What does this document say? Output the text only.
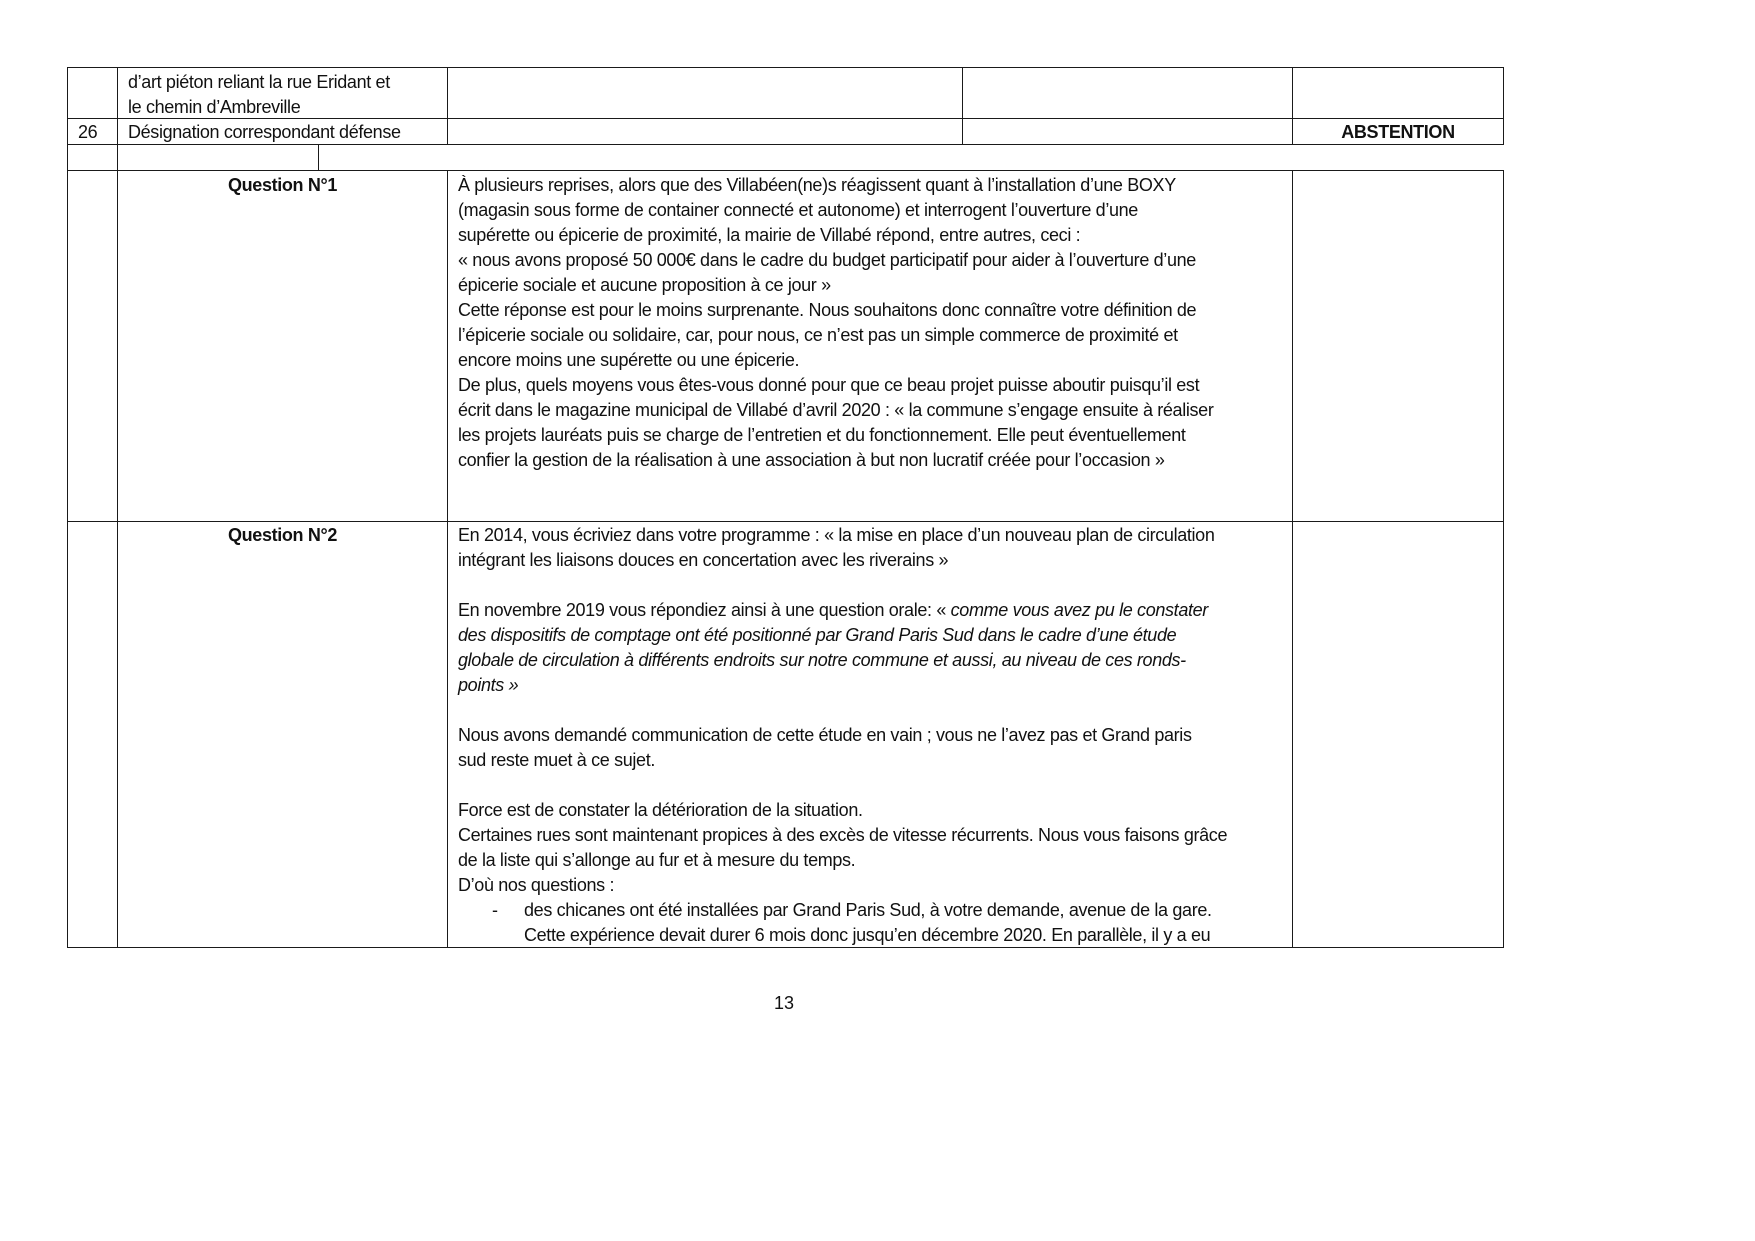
d’art piéton reliant la rue Eridant et
le chemin d’Ambreville
26	Désignation correspondant défense	ABSTENTION
Question N°1	À plusieurs reprises, alors que des Villabéen(ne)s réagissent quant à l’installation d’une BOXY
(magasin sous forme de container connecté et autonome) et interrogent l’ouverture d’une
supérette ou épicerie de proximité, la mairie de Villabé répond, entre autres, ceci :
« nous avons proposé 50 000€ dans le cadre du budget participatif pour aider à l’ouverture d’une
épicerie sociale et aucune proposition à ce jour »
Cette réponse est pour le moins surprenante. Nous souhaitons donc connaître votre définition de
l’épicerie sociale ou solidaire, car, pour nous, ce n’est pas un simple commerce de proximité et
encore moins une supérette ou une épicerie.
De plus, quels moyens vous êtes-vous donné pour que ce beau projet puisse aboutir puisqu’il est
écrit dans le magazine municipal de Villabé d’avril 2020 : « la commune s’engage ensuite à réaliser
les projets lauréats puis se charge de l’entretien et du fonctionnement. Elle peut éventuellement
confier la gestion de la réalisation à une association à but non lucratif créée pour l’occasion »
Question N°2	En 2014, vous écriviez dans votre programme : « la mise en place d’un nouveau plan de circulation
intégrant les liaisons douces en concertation avec les riverains »

En novembre 2019 vous répondiez ainsi à une question orale: « comme vous avez pu le constater
des dispositifs de comptage ont été positionné par Grand Paris Sud dans le cadre d’une étude
globale de circulation à différents endroits sur notre commune et aussi, au niveau de ces ronds-
points »

Nous avons demandé communication de cette étude en vain ; vous ne l’avez pas et Grand paris
sud reste muet à ce sujet.

Force est de constater la détérioration de la situation.
Certaines rues sont maintenant propices à des excès de vitesse récurrents. Nous vous faisons grâce
de la liste qui s’allonge au fur et à mesure du temps.
D’où nos questions :
- des chicanes ont été installées par Grand Paris Sud, à votre demande, avenue de la gare.
Cette expérience devait durer 6 mois donc jusqu’en décembre 2020. En parallèle, il y a eu
13
